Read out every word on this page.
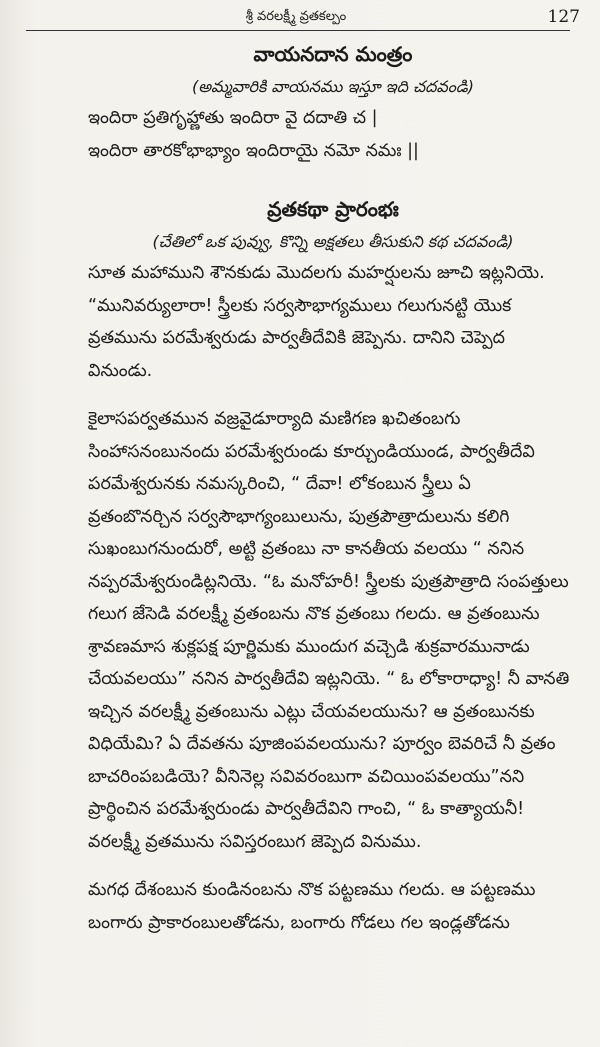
శ్రీ వరలక్ష్మీ వ్రతకల్పం	127
వాయనదాన మంత్రం

(అమ్మవారికి వాయనము ఇస్తూ ఇది చదవండి)

ఇందిరా ప్రతిగృహ్ణాతు ఇందిరా వై దదాతి చ |

ఇందిరా తారకోభాభ్యాం ఇందిరాయై నమో నమః ||

వ్రతకథా ప్రారంభః

(చేతిలో ఒక పువ్వు, కొన్ని అక్షతలు తీసుకుని కథ చదవండి)

సూత మహాముని శౌనకుడు మొదలగు మహర్షులను జూచి ఇట్లనియె.

“మునివర్యులారా! స్త్రీలకు సర్వసౌభాగ్యములు గలుగునట్టి యొక

వ్రతమును పరమేశ్వరుడు పార్వతీదేవికి జెప్పెను. దానిని చెప్పెద

వినుండు.

కైలాసపర్వతమున వజ్రవైడూర్యాది మణిగణ ఖచితంబగు

సింహాసనంబునందు పరమేశ్వరుండు కూర్చుండియుండ, పార్వతీదేవి

పరమేశ్వరునకు నమస్కరించి, “ దేవా! లోకంబున స్త్రీలు ఏ

వ్రతంబొనర్చిన సర్వసౌభాగ్యంబులును, పుత్రపౌత్రాదులును కలిగి

సుఖంబుగనుందురో, అట్టి వ్రతంబు నా కానతీయ వలయు “ ననిన

నప్పరమేశ్వరుండిట్లనియె. “ఓ మనోహరీ! స్త్రీలకు పుత్రపౌత్రాది సంపత్తులు

గలుగ జేసెడి వరలక్ష్మీ వ్రతంబను నొక వ్రతంబు గలదు. ఆ వ్రతంబును

శ్రావణమాస శుక్లపక్ష పూర్ణిమకు ముందుగ వచ్చెడి శుక్రవారమునాడు

చేయవలయు” ననిన పార్వతీదేవి ఇట్లనియె. “ ఓ లోకారాధ్యా! నీ వానతి

ఇచ్చిన వరలక్ష్మీ వ్రతంబును ఎట్లు చేయవలయును? ఆ వ్రతంబునకు

విధియేమి? ఏ దేవతను పూజింపవలయును? పూర్వం బెవరిచే నీ వ్రతం

బాచరింపబడియె? వీనినెల్ల సవివరంబుగా వచియింపవలయు”నని

ప్రార్థించిన పరమేశ్వరుండు పార్వతీదేవిని గాంచి, “ ఓ కాత్యాయనీ!

వరలక్ష్మీ వ్రతమును సవిస్తరంబుగ జెప్పెద వినుము.

మగధ దేశంబున కుండినంబను నొక పట్టణము గలదు. ఆ పట్టణము

బంగారు ప్రాకారంబులతోడను, బంగారు గోడలు గల ఇండ్లతోడను
